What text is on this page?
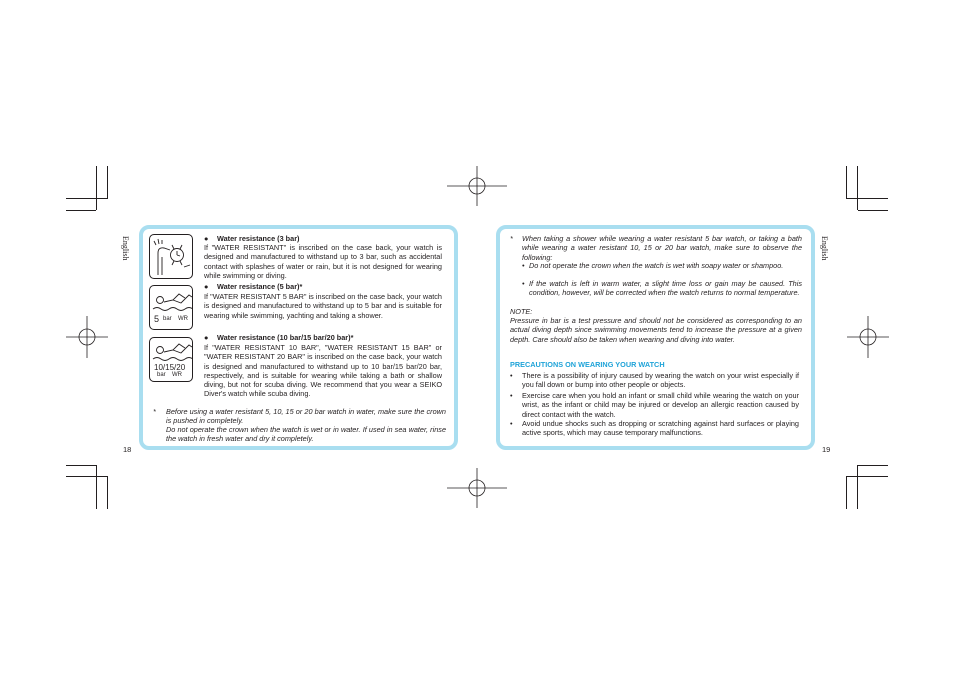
English
18
5 bar WR
10/15/20
bar WR
● Water resistance (3 bar)
If "WATER RESISTANT" is inscribed on the case back, your watch is designed and manufactured to withstand up to 3 bar, such as accidental contact with splashes of water or rain, but it is not designed for wearing while swimming or diving.
● Water resistance (5 bar)*
If "WATER RESISTANT 5 BAR" is inscribed on the case back, your watch is designed and manufactured to withstand up to 5 bar and is suitable for wearing while swimming, yachting and taking a shower.
● Water resistance (10 bar/15 bar/20 bar)*
If "WATER RESISTANT 10 BAR", "WATER RESISTANT 15 BAR" or "WATER RESISTANT 20 BAR" is inscribed on the case back, your watch is designed and manufactured to withstand up to 10 bar/15 bar/20 bar, respectively, and is suitable for wearing while taking a bath or shallow diving, but not for scuba diving. We recommend that you wear a SEIKO Diver's watch while scuba diving.
* Before using a water resistant 5, 10, 15 or 20 bar watch in water, make sure the crown is pushed in completely.
Do not operate the crown when the watch is wet or in water. If used in sea water, rinse the watch in fresh water and dry it completely.
English
19
* When taking a shower while wearing a water resistant 5 bar watch, or taking a bath while wearing a water resistant 10, 15 or 20 bar watch, make sure to observe the following:
• Do not operate the crown when the watch is wet with soapy water or shampoo.
• If the watch is left in warm water, a slight time loss or gain may be caused. This condition, however, will be corrected when the watch returns to normal temperature.
NOTE:
Pressure in bar is a test pressure and should not be considered as corresponding to an actual diving depth since swimming movements tend to increase the pressure at a given depth. Care should also be taken when wearing and diving into water.
PRECAUTIONS ON WEARING YOUR WATCH
• There is a possibility of injury caused by wearing the watch on your wrist especially if you fall down or bump into other people or objects.
• Exercise care when you hold an infant or small child while wearing the watch on your wrist, as the infant or child may be injured or develop an allergic reaction caused by direct contact with the watch.
• Avoid undue shocks such as dropping or scratching against hard surfaces or playing active sports, which may cause temporary malfunctions.
